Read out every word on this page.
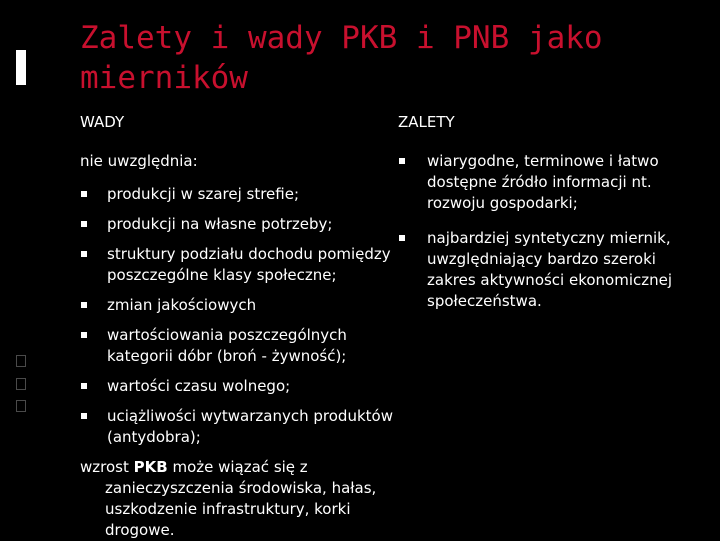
Zalety i wady PKB i PNB jako mierników

WADY

nie uwzględnia:

produkcji w szarej strefie;
produkcji na własne potrzeby;
struktury podziału dochodu pomiędzy poszczególne klasy społeczne;
zmian jakościowych
wartościowania poszczególnych kategorii dóbr (broń - żywność);
wartości czasu wolnego;
uciążliwości wytwarzanych produktów (antydobra);

wzrost PKB może wiązać się z zanieczyszczenia środowiska, hałas, uszkodzenie infrastruktury, korki drogowe.

ZALETY

wiarygodne, terminowe i łatwo dostępne źródło informacji nt. rozwoju gospodarki;
najbardziej syntetyczny miernik, uwzględniający bardzo szeroki zakres aktywności ekonomicznej społeczeństwa.
